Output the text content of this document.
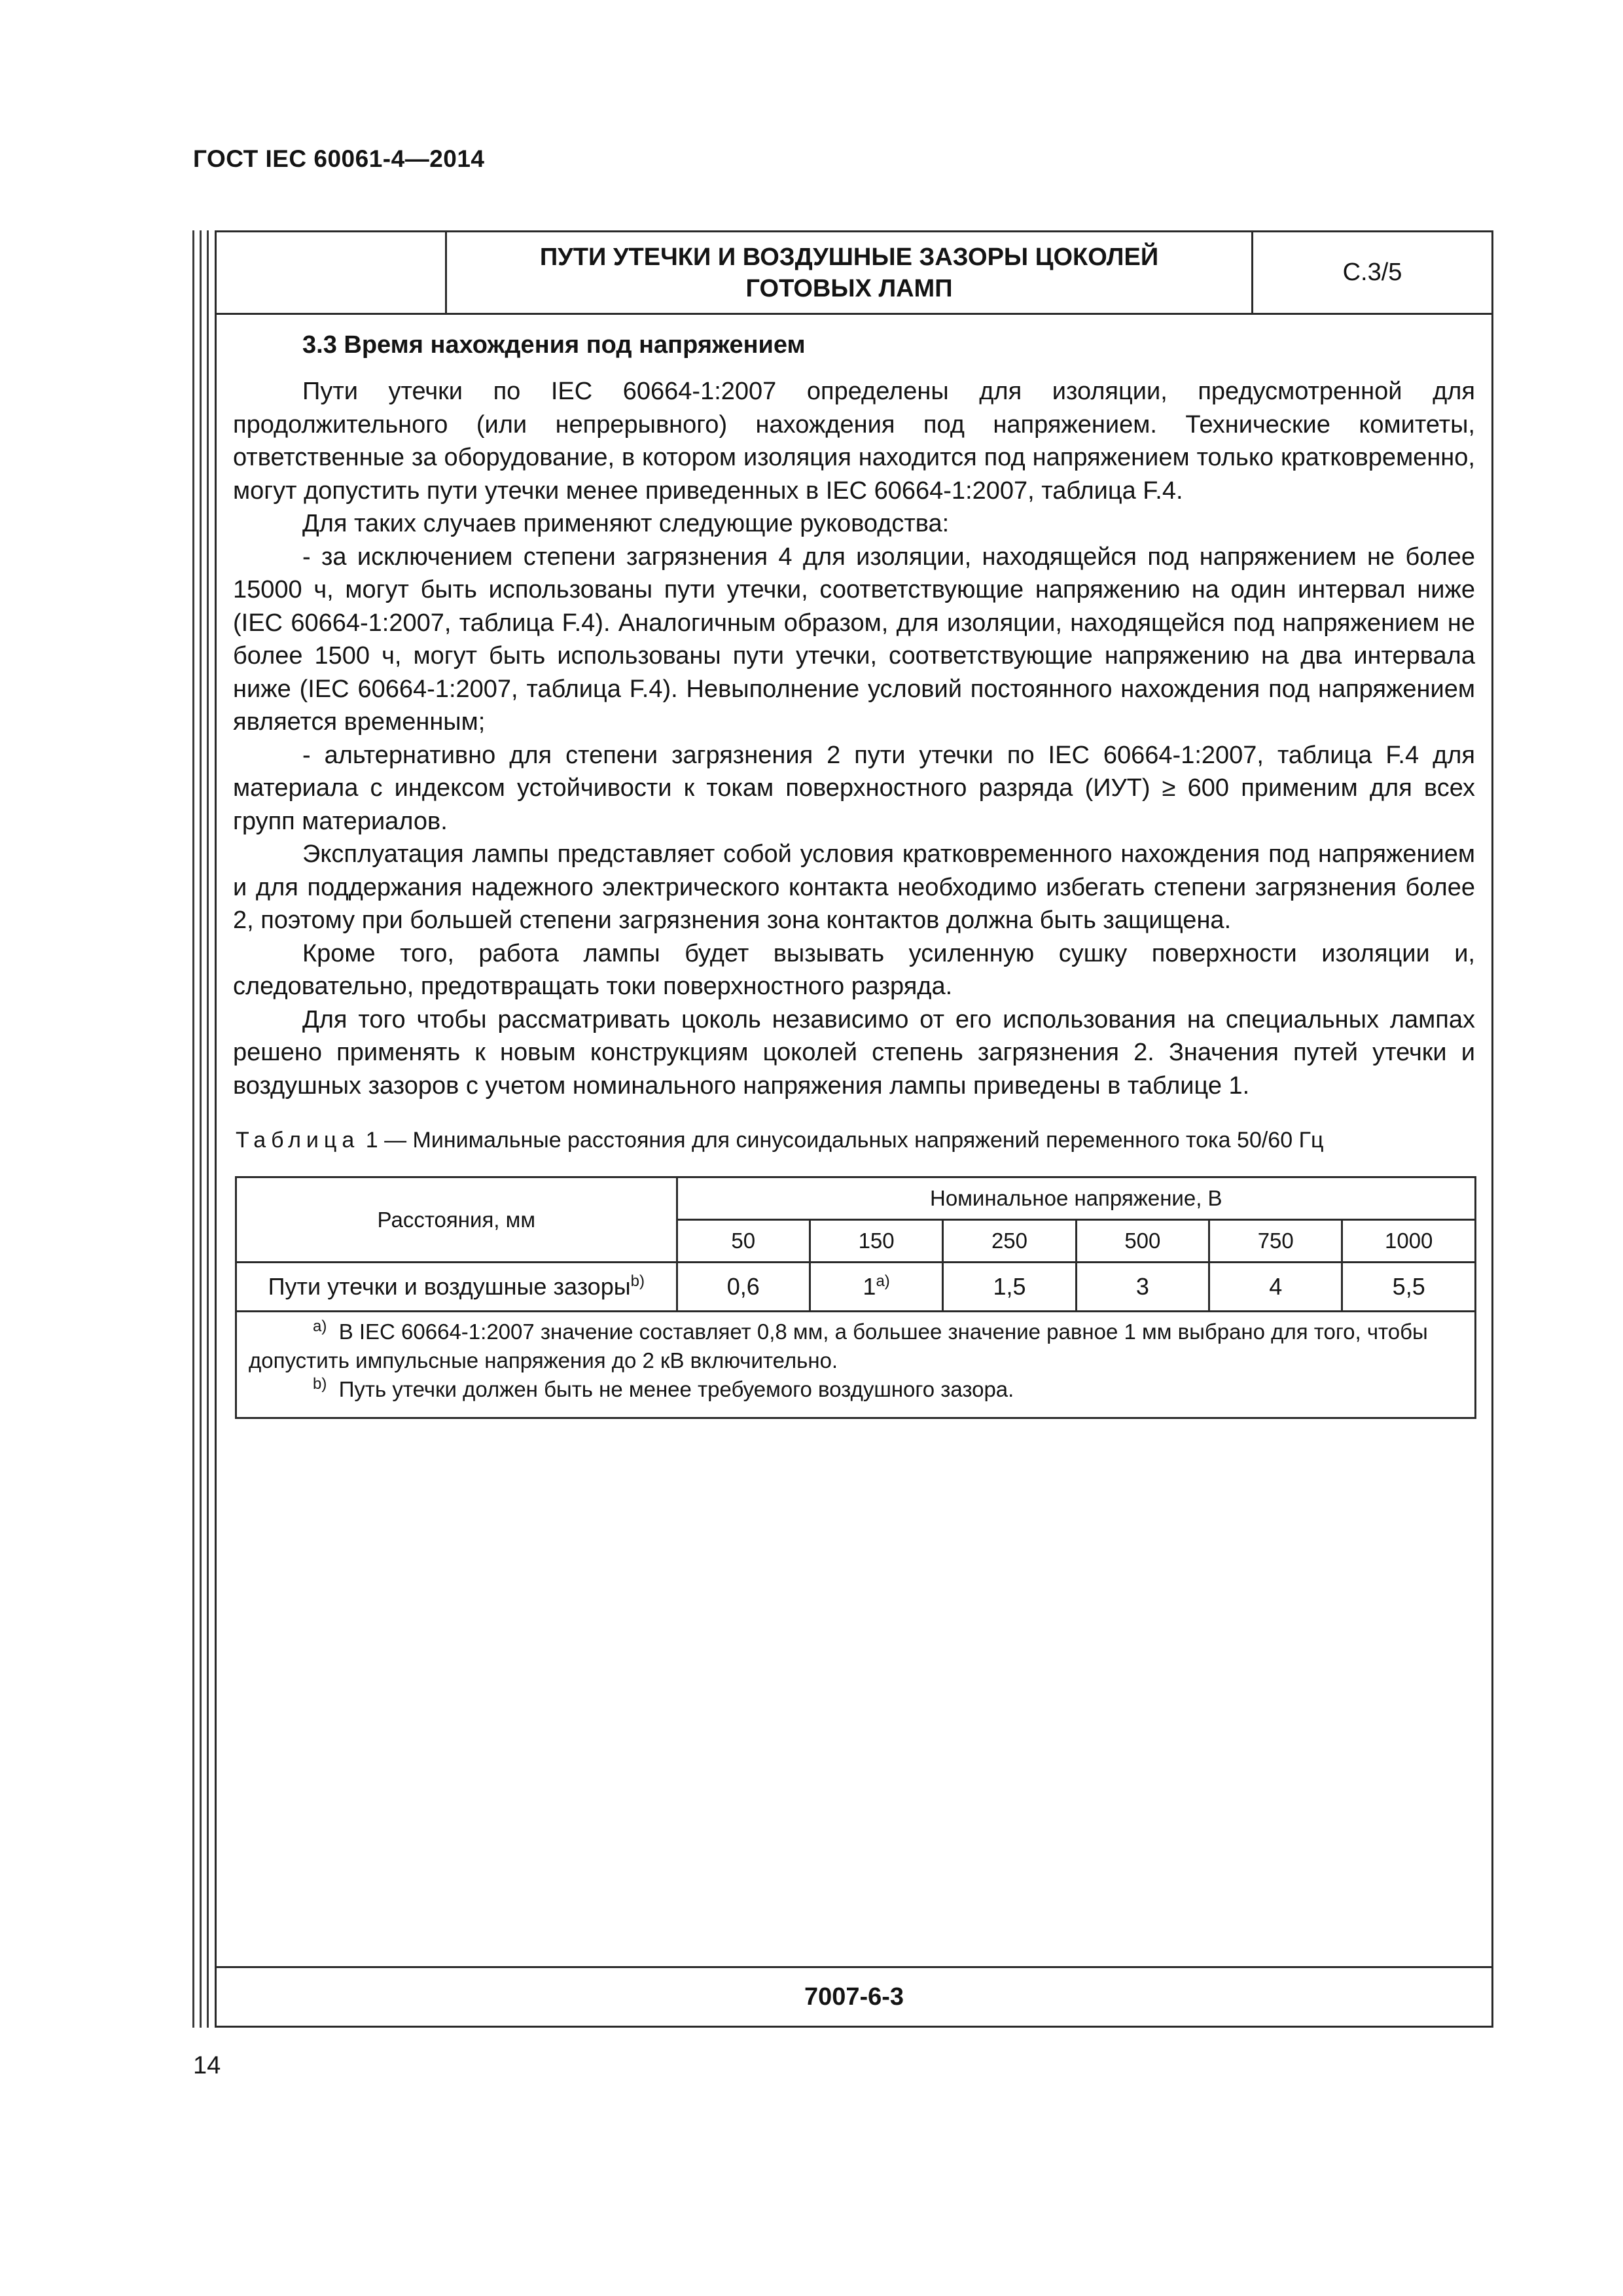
ГОСТ IEC 60061-4—2014
ПУТИ УТЕЧКИ И ВОЗДУШНЫЕ ЗАЗОРЫ ЦОКОЛЕЙ
ГОТОВЫХ ЛАМП
С.3/5
3.3 Время нахождения под напряжением

Пути утечки по IEC 60664-1:2007 определены для изоляции, предусмотренной для продолжительного (или непрерывного) нахождения под напряжением. Технические комитеты, ответственные за оборудование, в котором изоляция находится под напряжением только кратковременно, могут допустить пути утечки менее приведенных в IEC 60664-1:2007, таблица F.4.

Для таких случаев применяют следующие руководства:

- за исключением степени загрязнения 4 для изоляции, находящейся под напряжением не более 15000 ч, могут быть использованы пути утечки, соответствующие напряжению на один интервал ниже (IEC 60664-1:2007, таблица F.4). Аналогичным образом, для изоляции, находящейся под напряжением не более 1500 ч, могут быть использованы пути утечки, соответствующие напряжению на два интервала ниже (IEC 60664-1:2007, таблица F.4). Невыполнение условий постоянного нахождения под напряжением является временным;

- альтернативно для степени загрязнения 2 пути утечки по IEC 60664-1:2007, таблица F.4 для материала с индексом устойчивости к токам поверхностного разряда (ИУТ) ≥ 600 применим для всех групп материалов.

Эксплуатация лампы представляет собой условия кратковременного нахождения под напряжением и для поддержания надежного электрического контакта необходимо избегать степени загрязнения более 2, поэтому при большей степени загрязнения зона контактов должна быть защищена.

Кроме того, работа лампы будет вызывать усиленную сушку поверхности изоляции и, следовательно, предотвращать токи поверхностного разряда.

Для того чтобы рассматривать цоколь независимо от его использования на специальных лампах решено применять к новым конструкциям цоколей степень загрязнения 2. Значения путей утечки и воздушных зазоров с учетом номинального напряжения лампы приведены в таблице 1.

Таблица 1 — Минимальные расстояния для синусоидальных напряжений переменного тока 50/60 Гц
Расстояния, мм	Номинальное напряжение, В					
	50	150	250	500	750	1000
Пути утечки и воздушные зазоры$^{b)}$	0,6	1$^{a)}$	1,5	3	4	5,5

$^{a)}$ В IEC 60664-1:2007 значение составляет 0,8 мм, а большее значение равное 1 мм выбрано для того, чтобы допустить импульсные напряжения до 2 кВ включительно.
$^{b)}$ Путь утечки должен быть не менее требуемого воздушного зазора.						
7007-6-3
14
